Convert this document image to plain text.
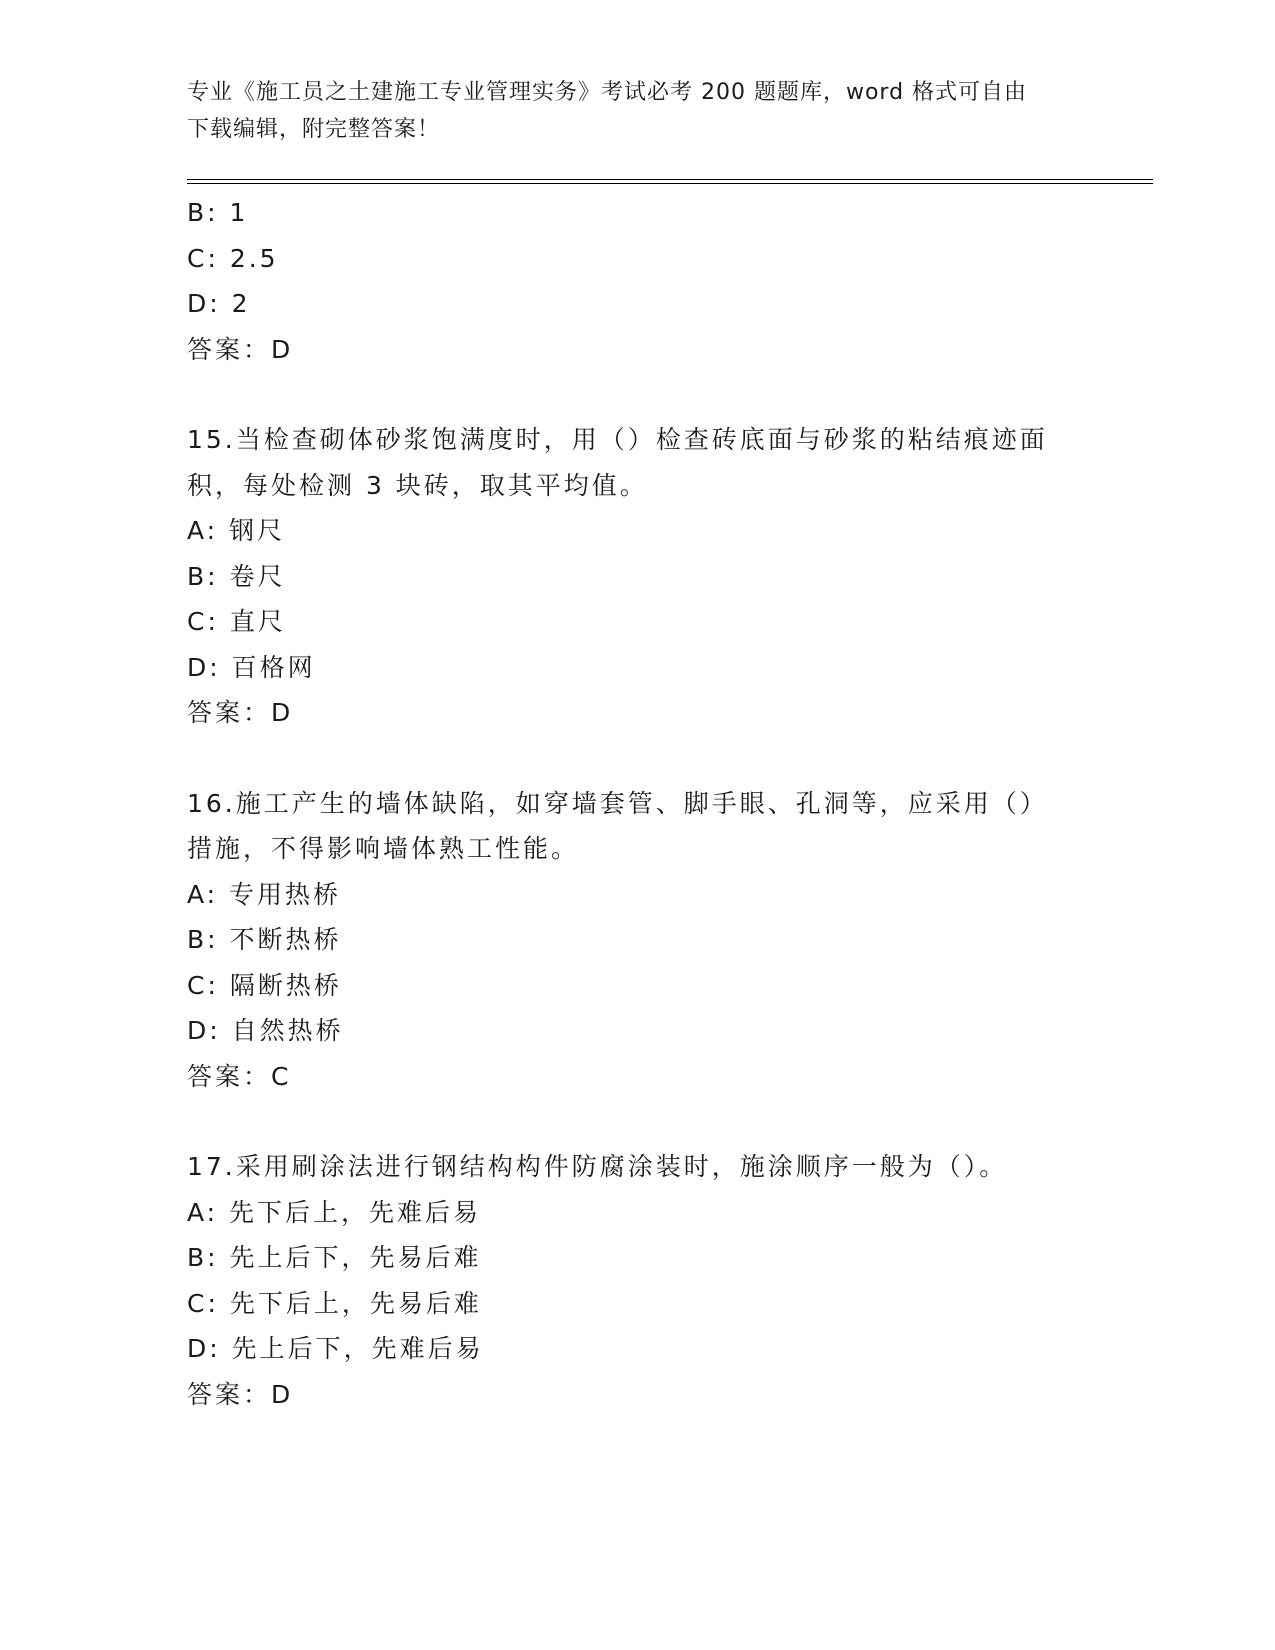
专业《施工员之土建施工专业管理实务》考试必考 200 题题库，word 格式可自由
下载编辑，附完整答案！
B: 1
C: 2.5
D: 2
答案：D
15.当检查砌体砂浆饱满度时，用（）检查砖底面与砂浆的粘结痕迹面
积，每处检测 3 块砖，取其平均值。
A: 钢尺
B: 卷尺
C: 直尺
D: 百格网
答案：D
16.施工产生的墙体缺陷，如穿墙套管、脚手眼、孔洞等，应采用（）
措施，不得影响墙体熟工性能。
A: 专用热桥
B: 不断热桥
C: 隔断热桥
D: 自然热桥
答案：C
17.采用刷涂法进行钢结构构件防腐涂装时，施涂顺序一般为（）。
A: 先下后上，先难后易
B: 先上后下，先易后难
C: 先下后上，先易后难
D: 先上后下，先难后易
答案：D
